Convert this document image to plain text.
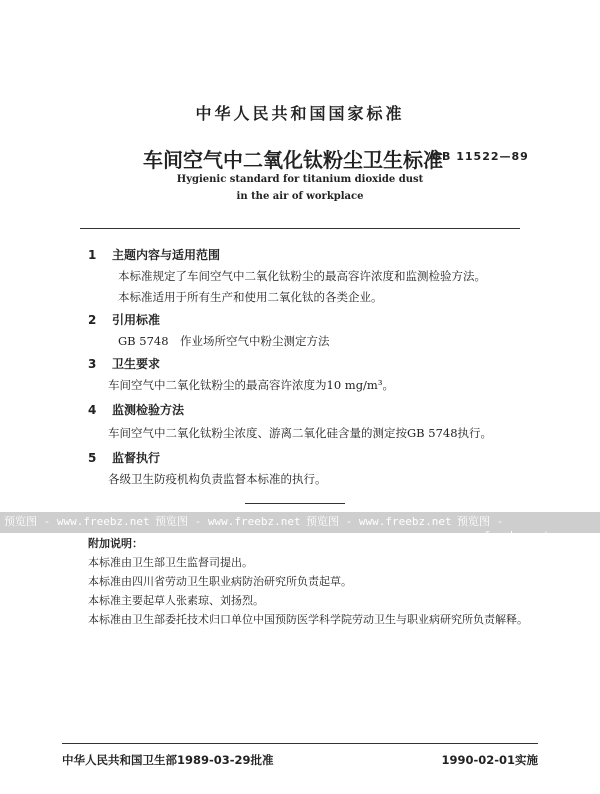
中华人民共和国国家标准
车间空气中二氧化钛粉尘卫生标准
GB 11522—89
Hygienic standard for titanium dioxide dust
in the air of workplace
1 主题内容与适用范围
本标准规定了车间空气中二氧化钛粉尘的最高容许浓度和监测检验方法。
本标准适用于所有生产和使用二氧化钛的各类企业。
2 引用标准
GB 5748　作业场所空气中粉尘测定方法
3 卫生要求
车间空气中二氧化钛粉尘的最高容许浓度为10 mg/m³。
4 监测检验方法
车间空气中二氧化钛粉尘浓度、游离二氧化硅含量的测定按GB 5748执行。
5 监督执行
各级卫生防疫机构负责监督本标准的执行。
预览图 - www.freebz.net 预览图 - www.freebz.net 预览图 - www.freebz.net 预览图 - www.freebz.net
附加说明：
本标准由卫生部卫生监督司提出。
本标准由四川省劳动卫生职业病防治研究所负责起草。
本标准主要起草人张素琼、刘扬烈。
本标准由卫生部委托技术归口单位中国预防医学科学院劳动卫生与职业病研究所负责解释。
中华人民共和国卫生部1989-03-29批准	1990-02-01实施
